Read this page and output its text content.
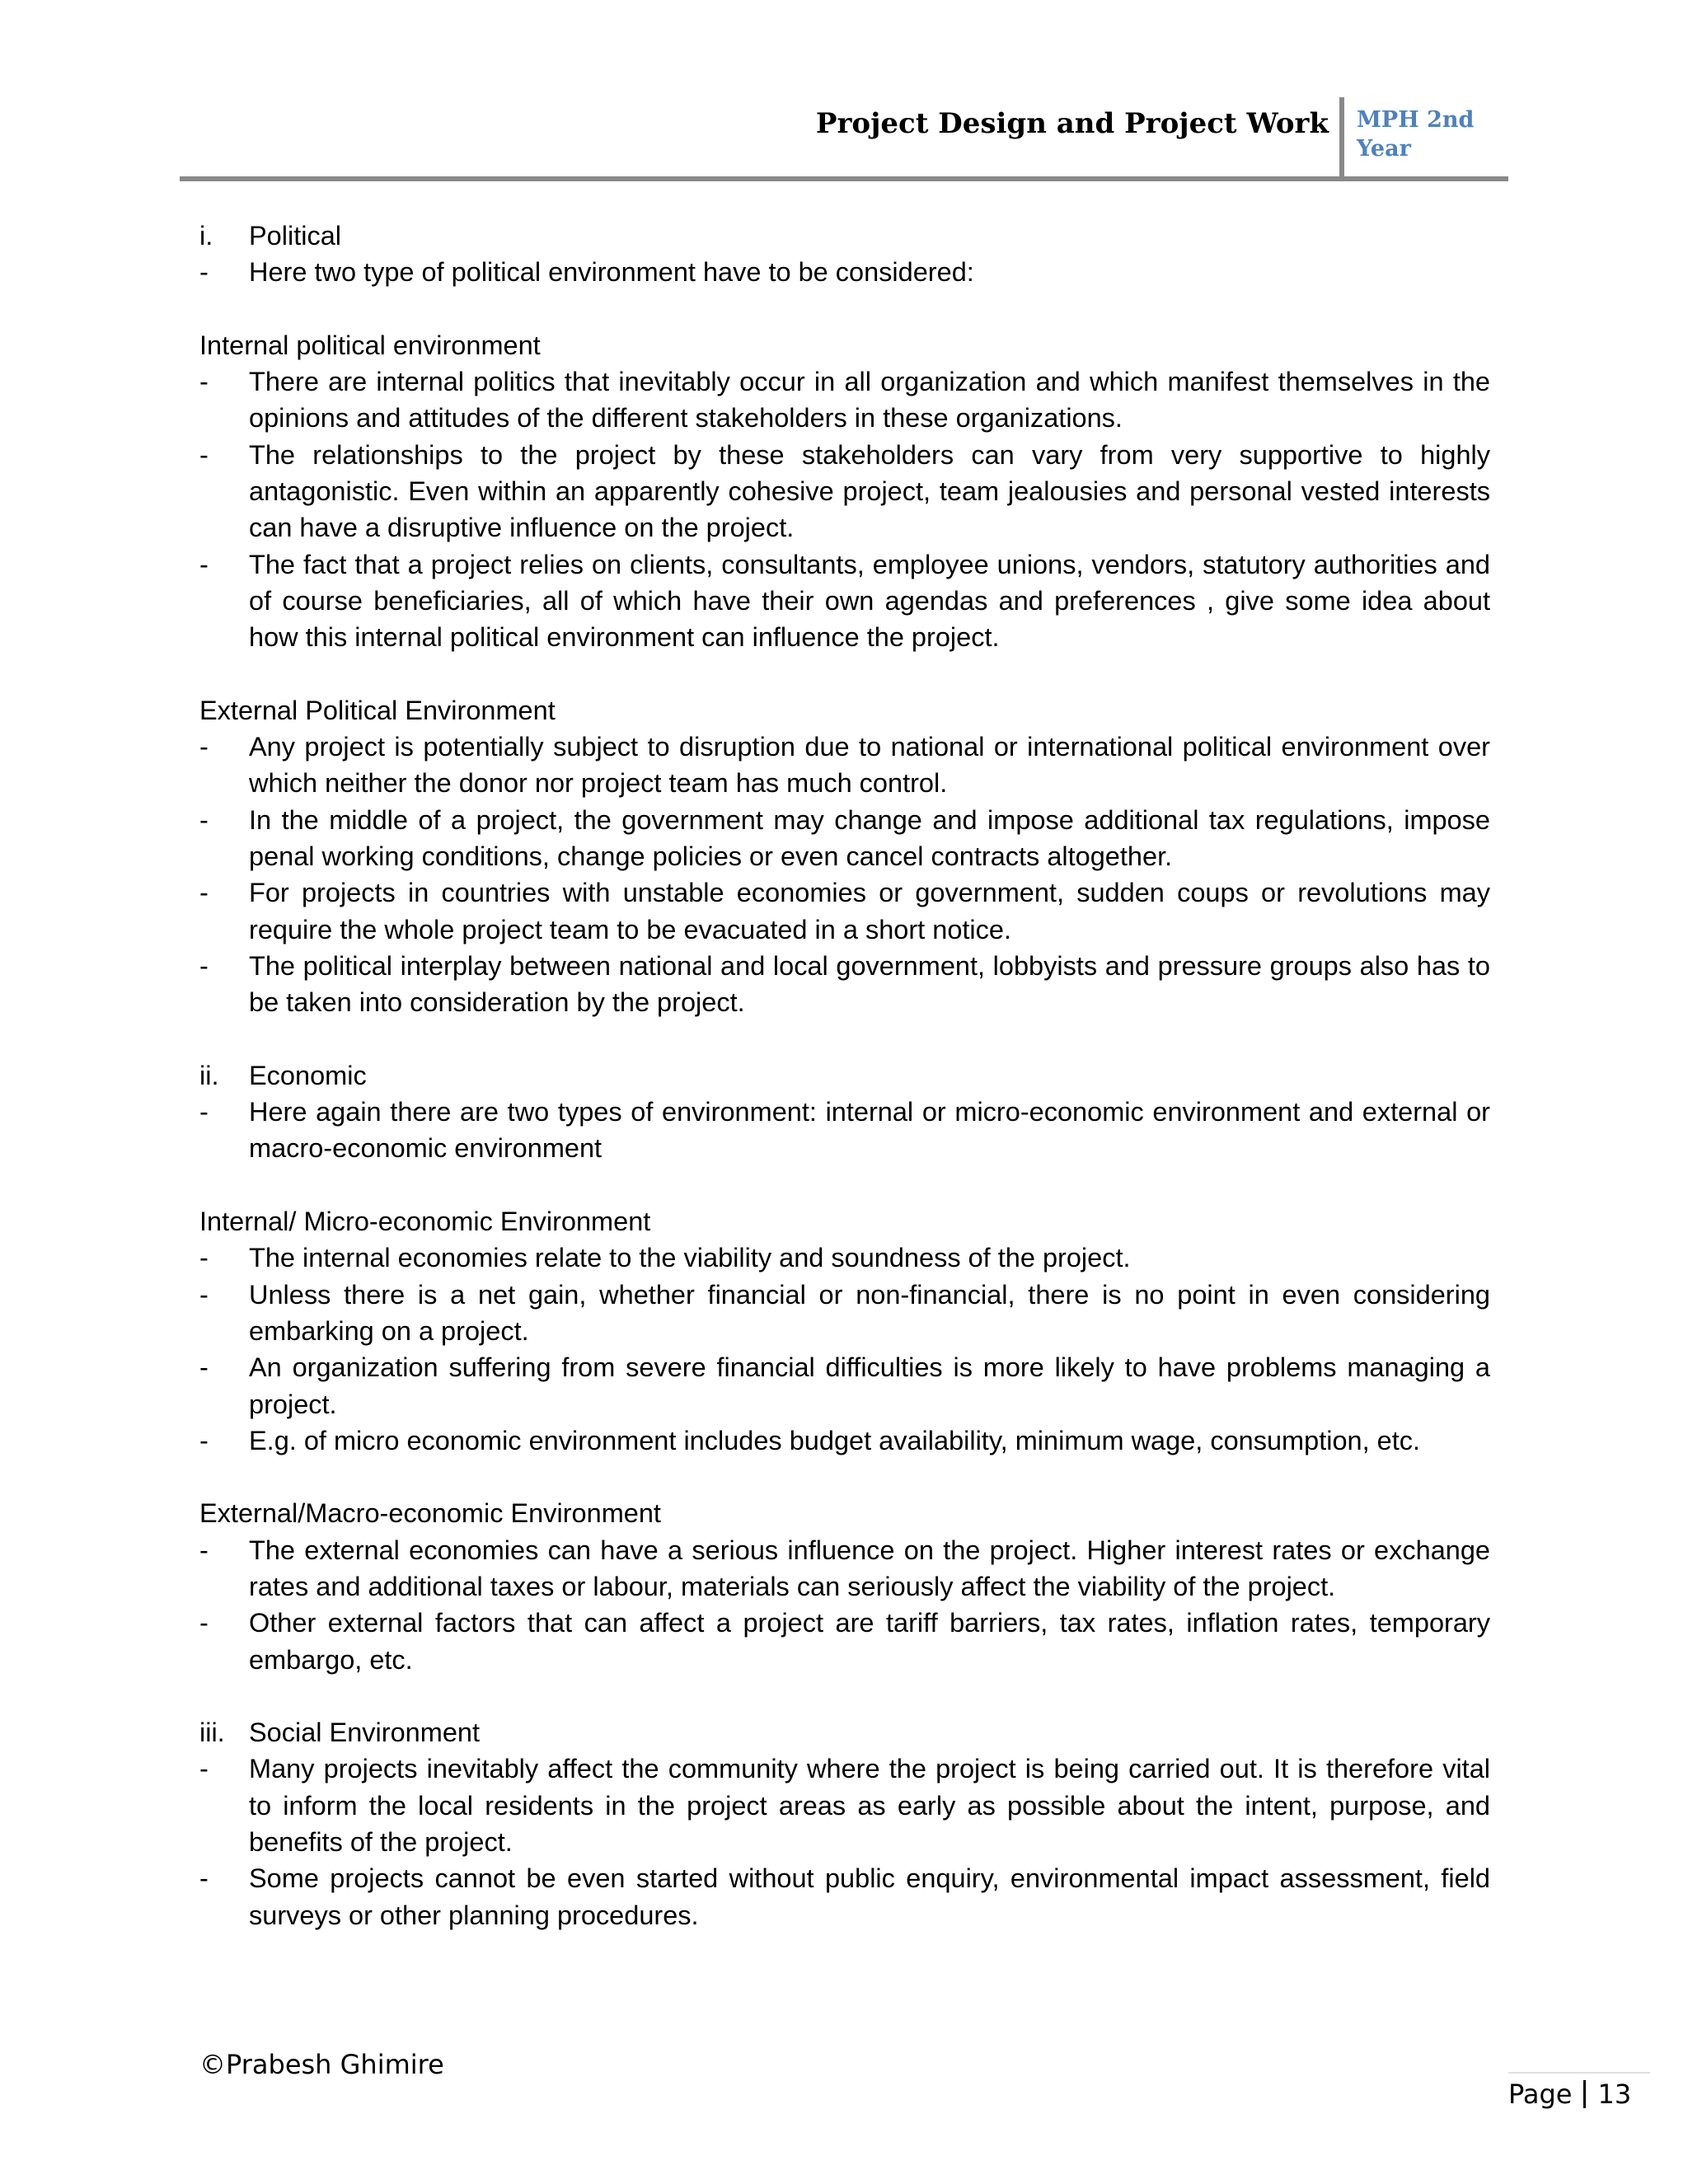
Project Design and Project Work MPH 2nd
Year
i.	Political
-	Here two type of political environment have to be considered:
Internal political environment
-	There are internal politics that inevitably occur in all organization and which manifest themselves in the opinions and attitudes of the different stakeholders in these organizations.
-	The relationships to the project by these stakeholders can vary from very supportive to highly antagonistic. Even within an apparently cohesive project, team jealousies and personal vested interests can have a disruptive influence on the project.
-	The fact that a project relies on clients, consultants, employee unions, vendors, statutory authorities and of course beneficiaries, all of which have their own agendas and preferences , give some idea about how this internal political environment can influence the project.
External Political Environment
-	Any project is potentially subject to disruption due to national or international political environment over which neither the donor nor project team has much control.
-	In the middle of a project, the government may change and impose additional tax regulations, impose penal working conditions, change policies or even cancel contracts altogether.
-	For projects in countries with unstable economies or government, sudden coups or revolutions may require the whole project team to be evacuated in a short notice.
-	The political interplay between national and local government, lobbyists and pressure groups also has to be taken into consideration by the project.
ii.	Economic
-	Here again there are two types of environment: internal or micro-economic environment and external or macro-economic environment
Internal/ Micro-economic Environment
-	The internal economies relate to the viability and soundness of the project.
-	Unless there is a net gain, whether financial or non-financial, there is no point in even considering embarking on a project.
-	An organization suffering from severe financial difficulties is more likely to have problems managing a project.
-	E.g. of micro economic environment includes budget availability, minimum wage, consumption, etc.
External/Macro-economic Environment
-	The external economies can have a serious influence on the project. Higher interest rates or exchange rates and additional taxes or labour, materials can seriously affect the viability of the project.
-	Other external factors that can affect a project are tariff barriers, tax rates, inflation rates, temporary embargo, etc.
iii. Social Environment
-	Many projects inevitably affect the community where the project is being carried out. It is therefore vital to inform the local residents in the project areas as early as possible about the intent, purpose, and benefits of the project.
-	Some projects cannot be even started without public enquiry, environmental impact assessment, field surveys or other planning procedures.
©Prabesh Ghimire
Page 13
